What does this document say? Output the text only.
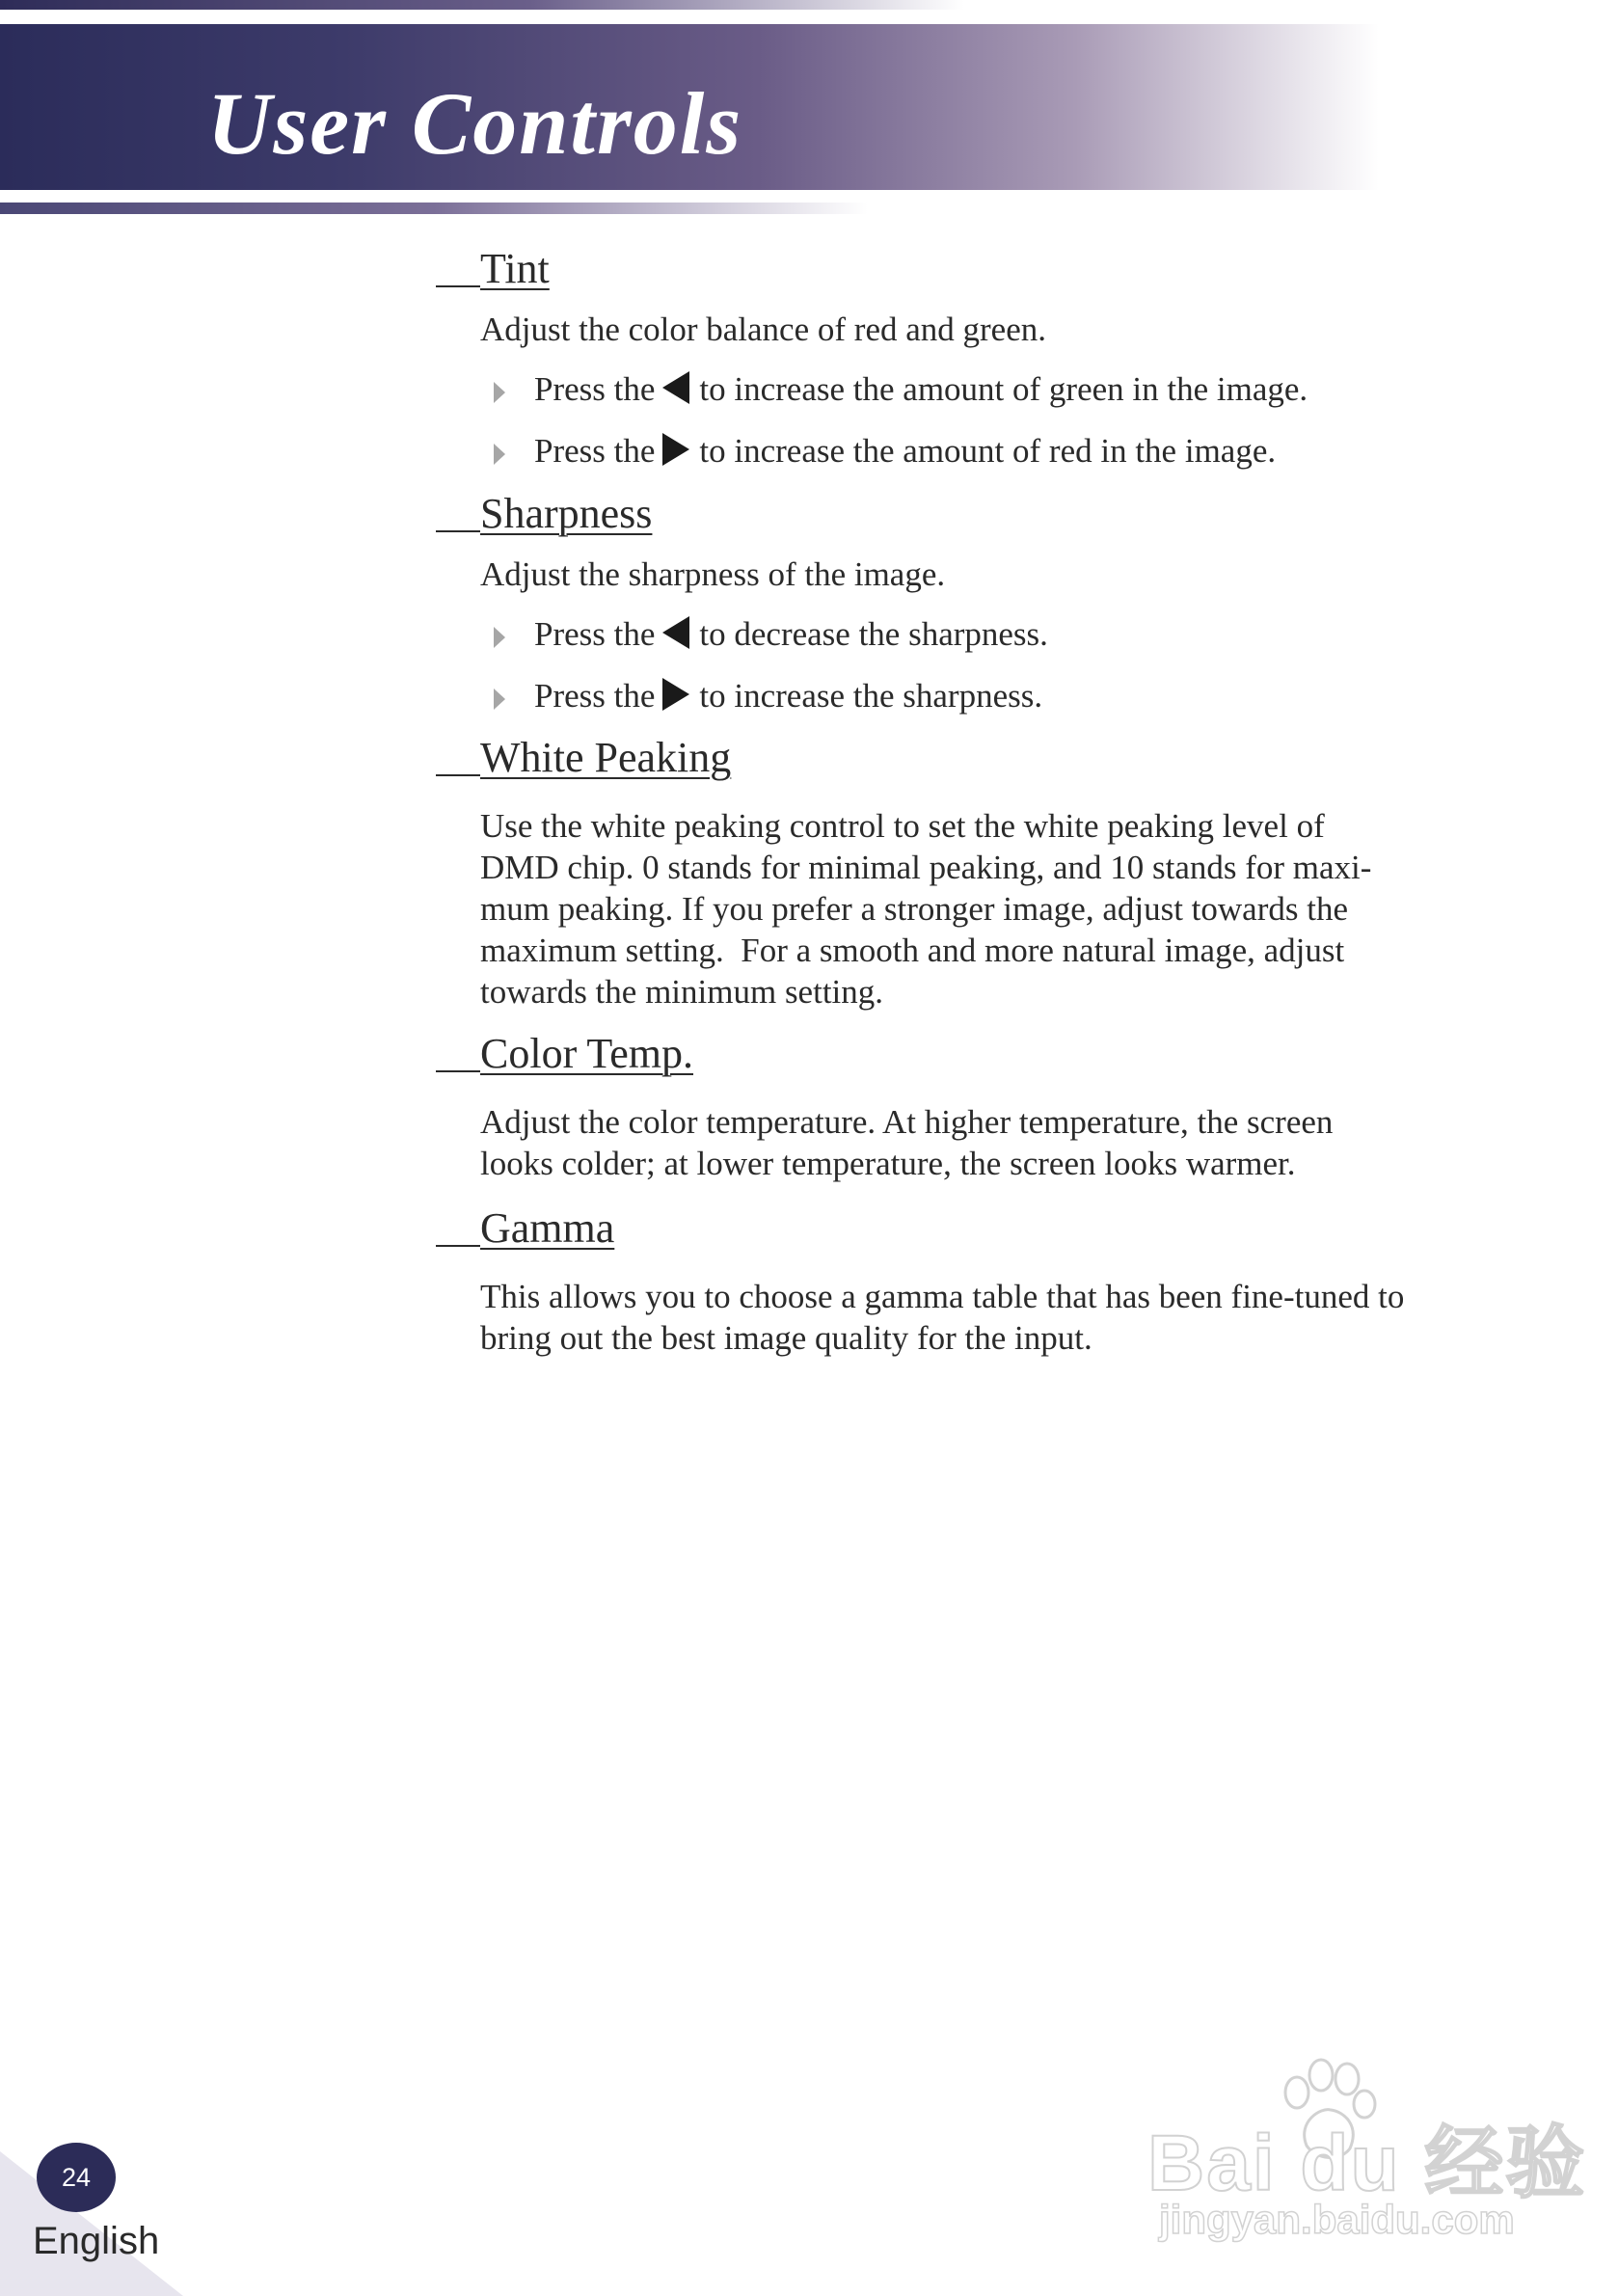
User Controls
Tint

Adjust the color balance of red and green.

Press the to increase the amount of green in the image.
Press the to increase the amount of red in the image.
Sharpness

Adjust the sharpness of the image.

Press the to decrease the sharpness.
Press the to increase the sharpness.
White Peaking
Use the white peaking control to set the white peaking level of
DMD chip. 0 stands for minimal peaking, and 10 stands for maxi-
mum peaking. If you prefer a stronger image, adjust towards the
maximum setting.  For a smooth and more natural image, adjust
towards the minimum setting.
Color Temp.
Adjust the color temperature. At higher temperature, the screen
looks colder; at lower temperature, the screen looks warmer.
Gamma
This allows you to choose a gamma table that has been fine-tuned to
bring out the best image quality for the input.

Bai du 经验

jingyan.baidu.com

24

English
